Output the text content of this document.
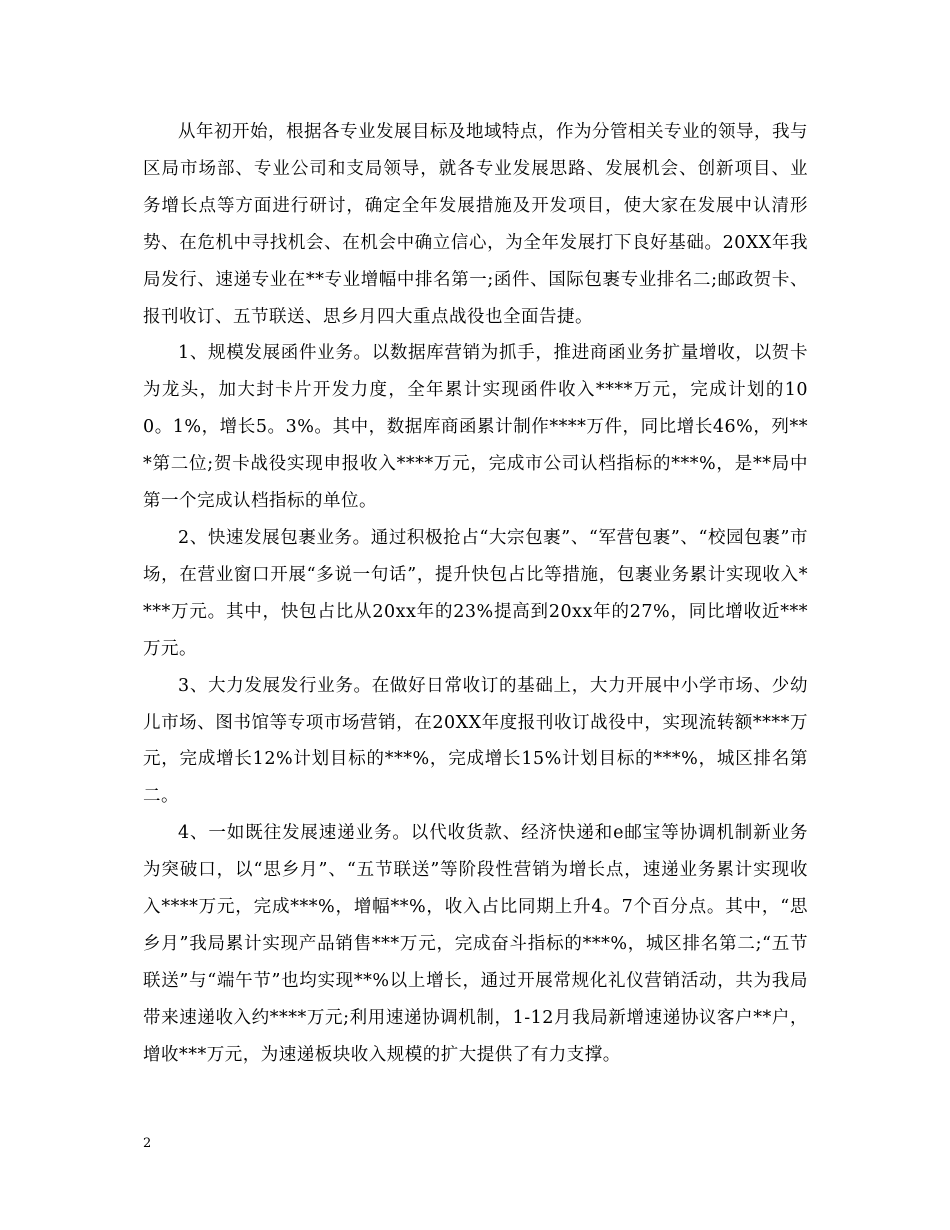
从年初开始，根据各专业发展目标及地域特点，作为分管相关专业的领导，我与区局市场部、专业公司和支局领导，就各专业发展思路、发展机会、创新项目、业务增长点等方面进行研讨，确定全年发展措施及开发项目，使大家在发展中认清形势、在危机中寻找机会、在机会中确立信心，为全年发展打下良好基础。20XX年我局发行、速递专业在**专业增幅中排名第一;函件、国际包裹专业排名二;邮政贺卡、报刊收订、五节联送、思乡月四大重点战役也全面告捷。

1、规模发展函件业务。以数据库营销为抓手，推进商函业务扩量增收，以贺卡为龙头，加大封卡片开发力度，全年累计实现函件收入****万元，完成计划的100。1%，增长5。3%。其中，数据库商函累计制作****万件，同比增长46%，列***第二位;贺卡战役实现申报收入****万元，完成市公司认档指标的***%，是**局中第一个完成认档指标的单位。

2、快速发展包裹业务。通过积极抢占“大宗包裹”、“军营包裹”、“校园包裹”市场，在营业窗口开展“多说一句话”，提升快包占比等措施，包裹业务累计实现收入****万元。其中，快包占比从20xx年的23%提高到20xx年的27%，同比增收近***万元。

3、大力发展发行业务。在做好日常收订的基础上，大力开展中小学市场、少幼儿市场、图书馆等专项市场营销，在20XX年度报刊收订战役中，实现流转额****万元，完成增长12%计划目标的***%，完成增长15%计划目标的***%，城区排名第二。

4、一如既往发展速递业务。以代收货款、经济快递和e邮宝等协调机制新业务为突破口，以“思乡月”、“五节联送”等阶段性营销为增长点，速递业务累计实现收入****万元，完成***%，增幅**%，收入占比同期上升4。7个百分点。其中，“思乡月”我局累计实现产品销售***万元，完成奋斗指标的***%，城区排名第二;“五节联送”与“端午节”也均实现**%以上增长，通过开展常规化礼仪营销活动，共为我局带来速递收入约****万元;利用速递协调机制，1-12月我局新增速递协议客户**户，增收***万元，为速递板块收入规模的扩大提供了有力支撑。

2
